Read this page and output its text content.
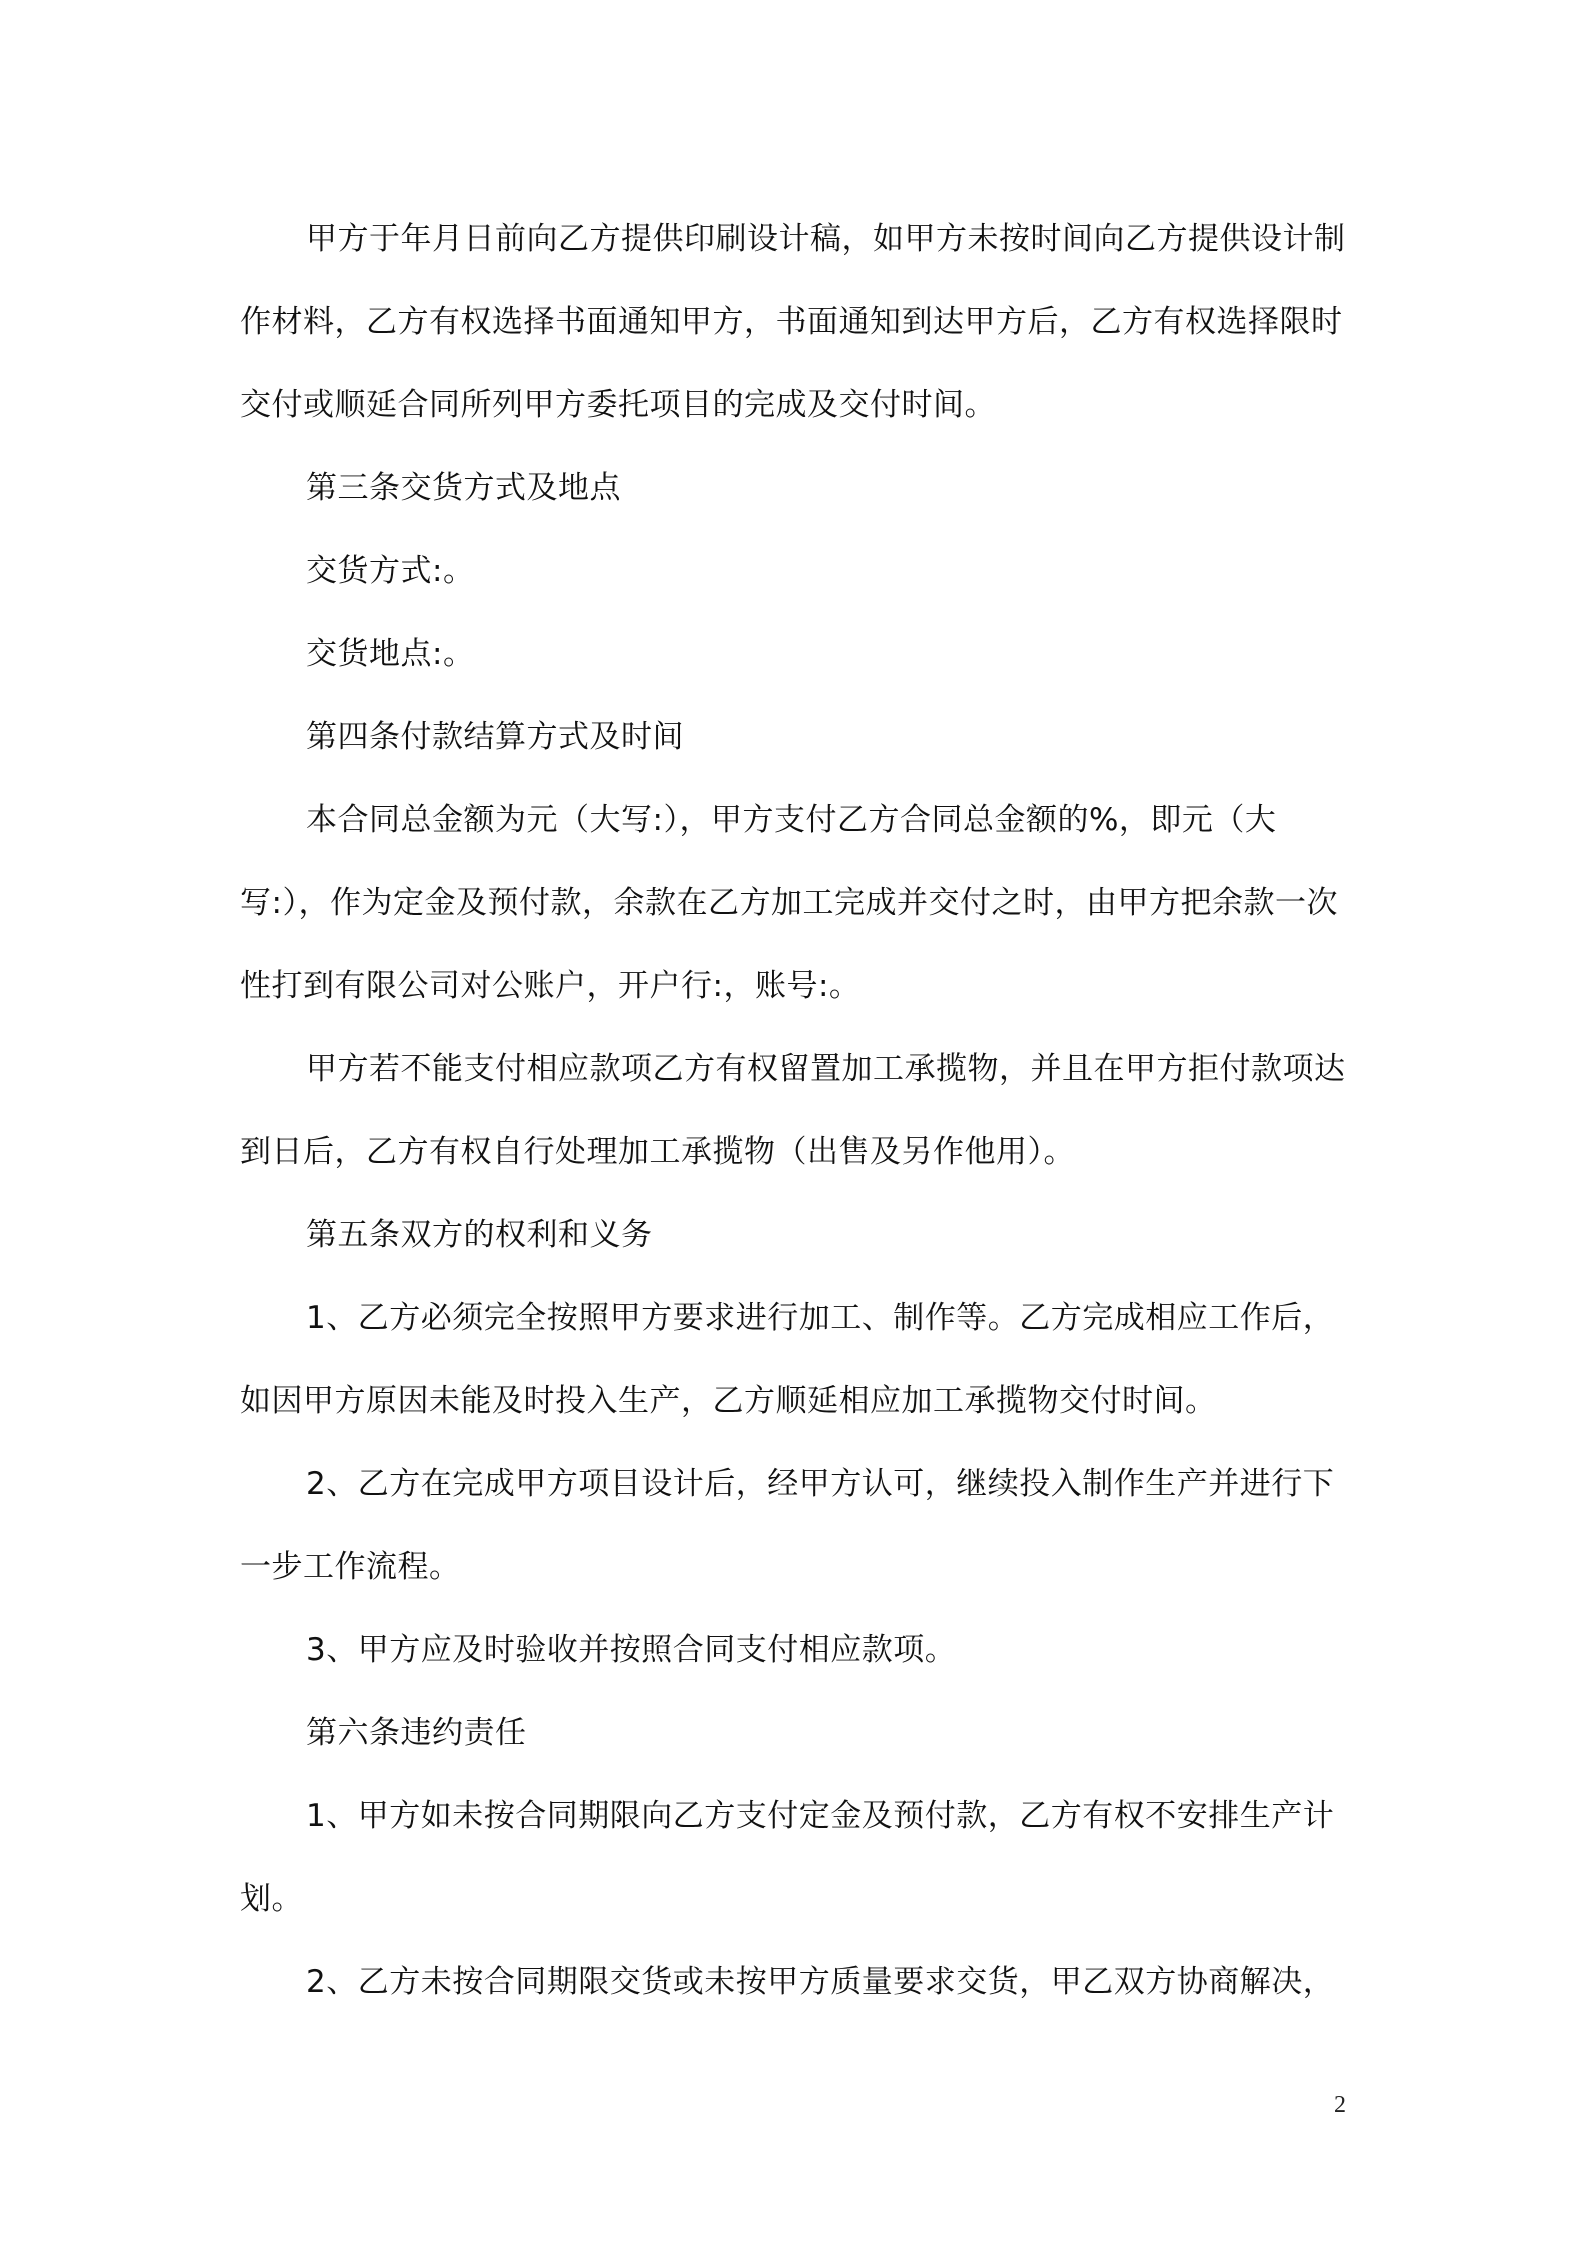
甲方于年月日前向乙方提供印刷设计稿，如甲方未按时间向乙方提供设计制作材料，乙方有权选择书面通知甲方，书面通知到达甲方后，乙方有权选择限时交付或顺延合同所列甲方委托项目的完成及交付时间。

第三条交货方式及地点

交货方式:。

交货地点:。

第四条付款结算方式及时间

本合同总金额为元（大写:），甲方支付乙方合同总金额的%，即元（大写:），作为定金及预付款，余款在乙方加工完成并交付之时，由甲方把余款一次性打到有限公司对公账户，开户行:，账号:。

甲方若不能支付相应款项乙方有权留置加工承揽物，并且在甲方拒付款项达到日后，乙方有权自行处理加工承揽物（出售及另作他用）。

第五条双方的权利和义务

1、乙方必须完全按照甲方要求进行加工、制作等。乙方完成相应工作后，如因甲方原因未能及时投入生产，乙方顺延相应加工承揽物交付时间。

2、乙方在完成甲方项目设计后，经甲方认可，继续投入制作生产并进行下一步工作流程。

3、甲方应及时验收并按照合同支付相应款项。

第六条违约责任

1、甲方如未按合同期限向乙方支付定金及预付款，乙方有权不安排生产计划。

2、乙方未按合同期限交货或未按甲方质量要求交货，甲乙双方协商解决，

2
